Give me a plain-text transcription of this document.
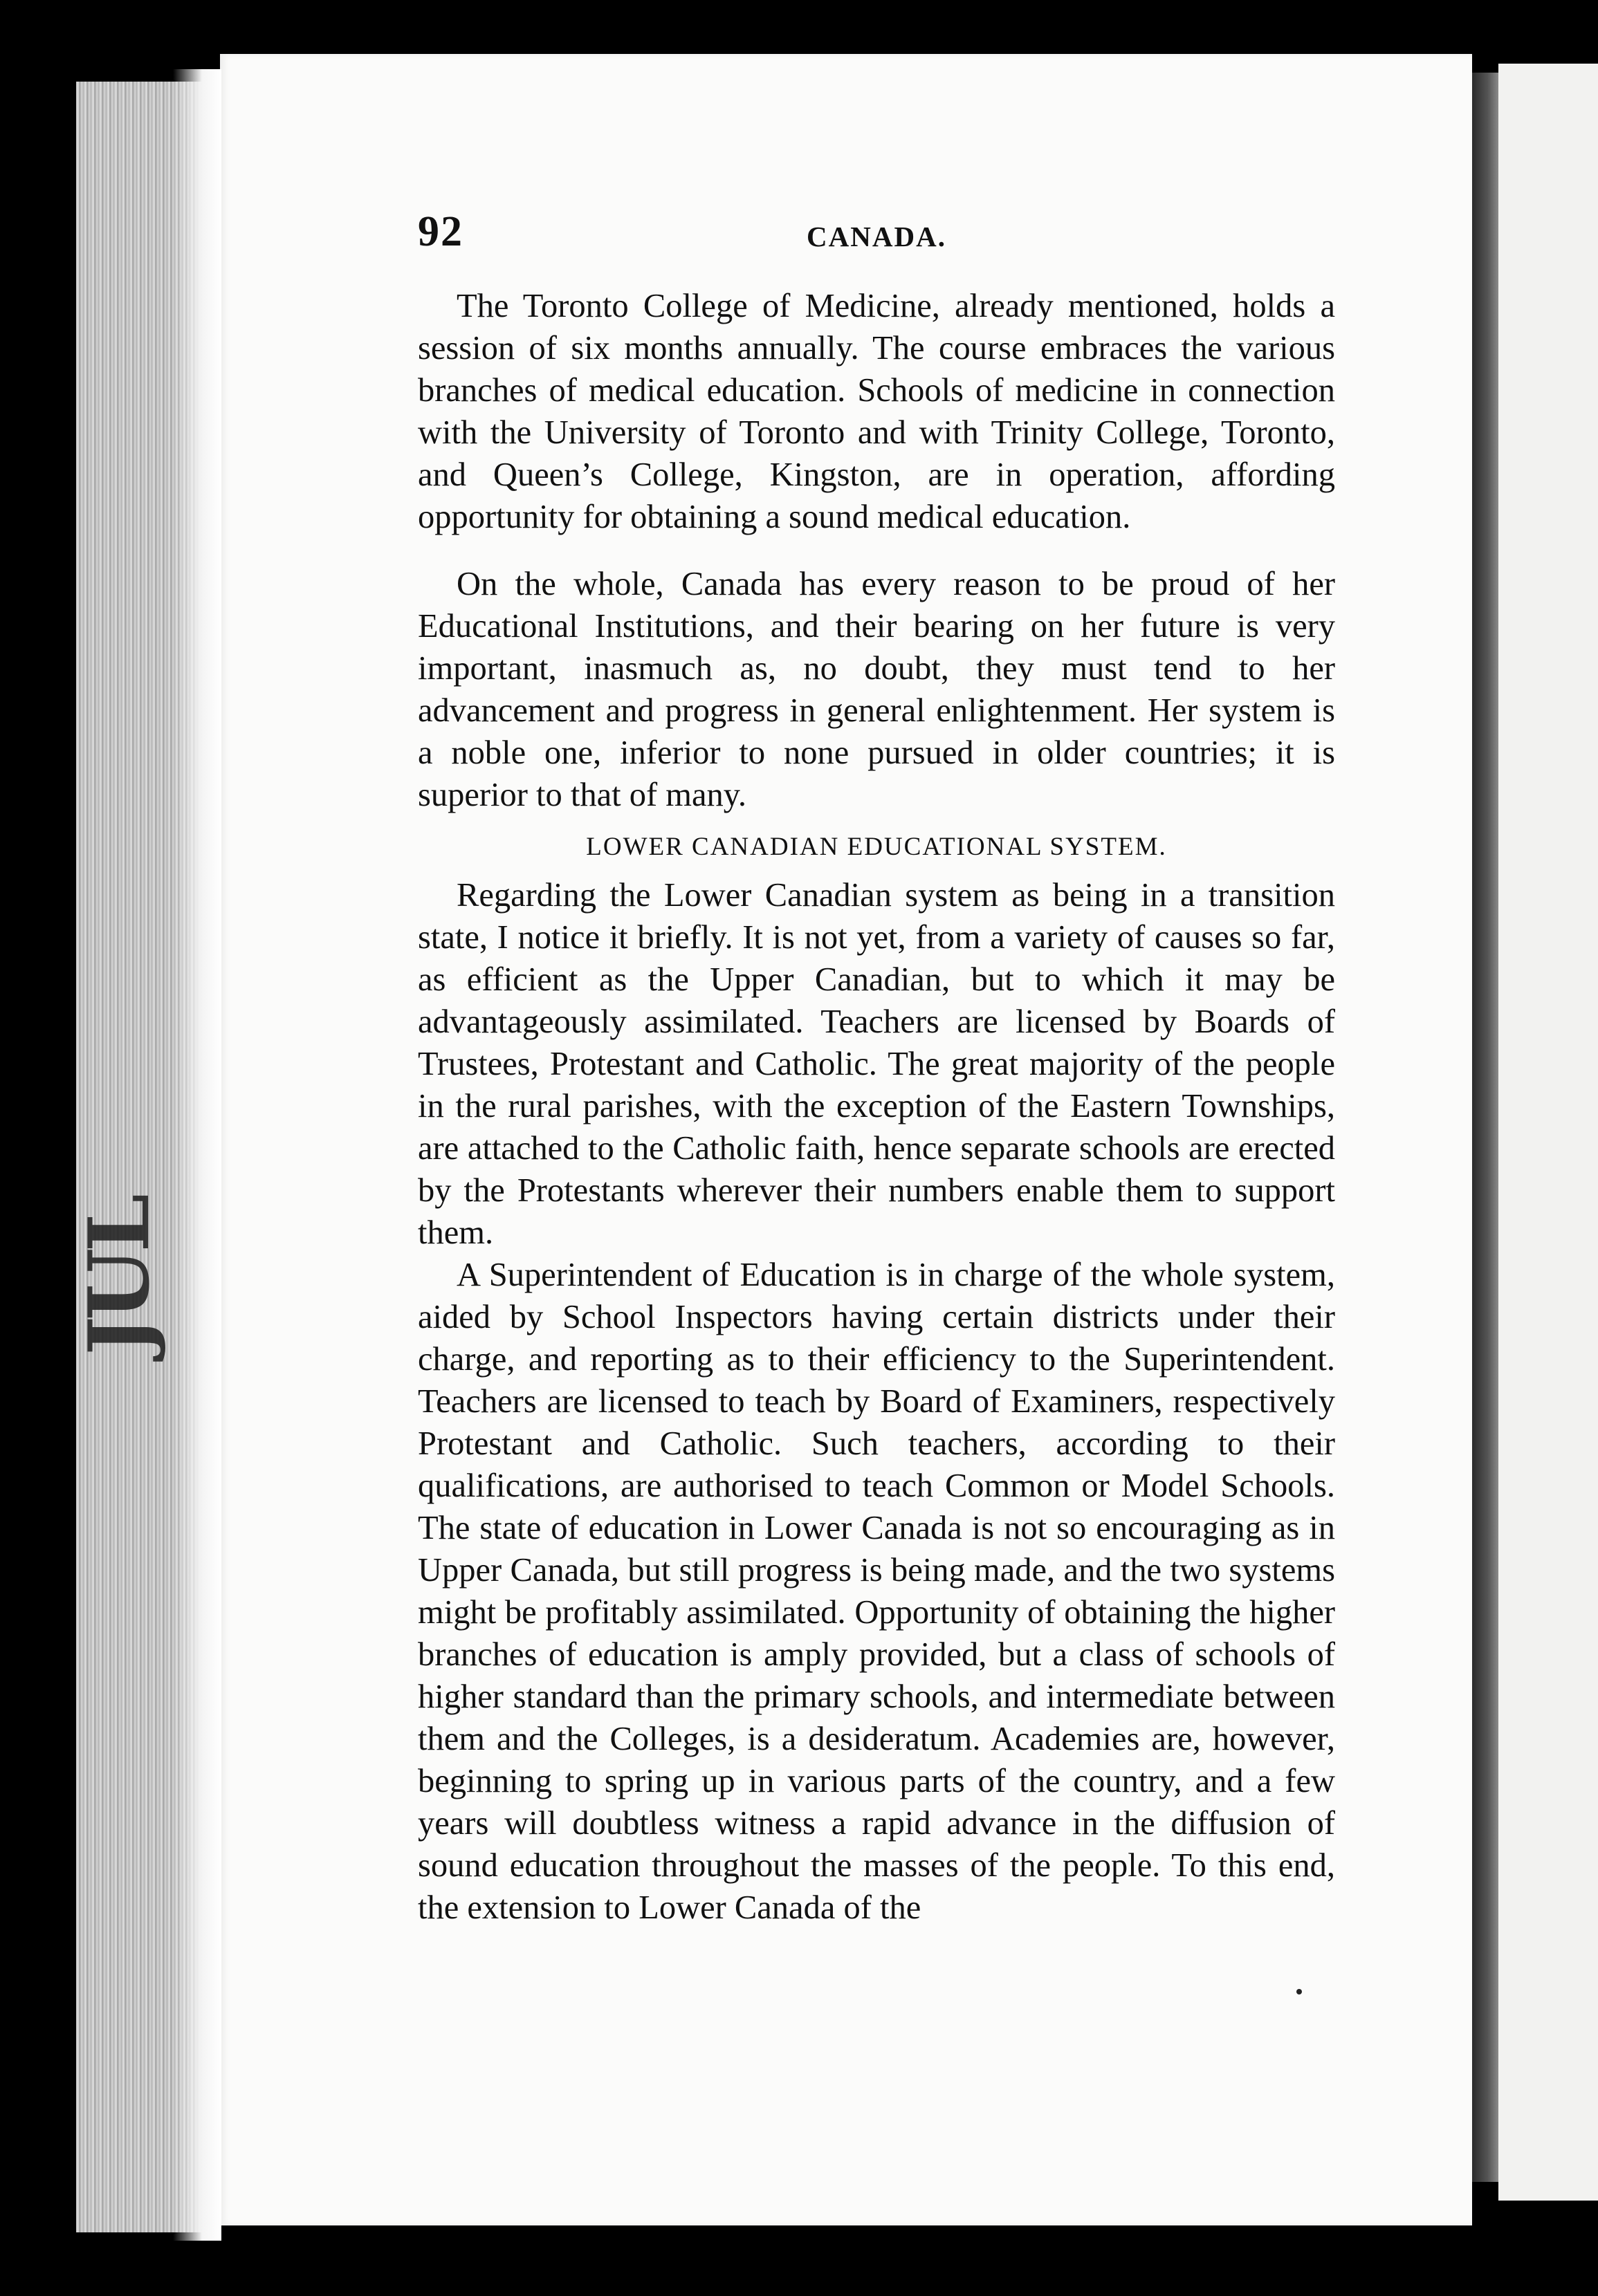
JUL
92	CANADA.

The Toronto College of Medicine, already mentioned, holds a session of six months annually. The course embraces the various branches of medical education. Schools of medicine in connection with the University of Toronto and with Trinity College, Toronto, and Queen’s College, Kingston, are in operation, affording opportunity for obtaining a sound medical education.

On the whole, Canada has every reason to be proud of her Educational Institutions, and their bearing on her future is very important, inasmuch as, no doubt, they must tend to her advancement and progress in general enlightenment. Her system is a noble one, inferior to none pursued in older countries; it is superior to that of many.

LOWER CANADIAN EDUCATIONAL SYSTEM.

Regarding the Lower Canadian system as being in a transition state, I notice it briefly. It is not yet, from a variety of causes so far, as efficient as the Upper Canadian, but to which it may be advantageously assimilated. Teachers are licensed by Boards of Trustees, Protestant and Catholic. The great majority of the people in the rural parishes, with the exception of the Eastern Townships, are attached to the Catholic faith, hence separate schools are erected by the Protestants wherever their numbers enable them to support them.

A Superintendent of Education is in charge of the whole system, aided by School Inspectors having certain districts under their charge, and reporting as to their efficiency to the Superintendent. Teachers are licensed to teach by Board of Examiners, respectively Protestant and Catholic. Such teachers, according to their qualifications, are authorised to teach Common or Model Schools. The state of education in Lower Canada is not so encouraging as in Upper Canada, but still progress is being made, and the two systems might be profitably assimilated. Opportunity of obtaining the higher branches of education is amply provided, but a class of schools of higher standard than the primary schools, and intermediate between them and the Colleges, is a desideratum. Academies are, however, beginning to spring up in various parts of the country, and a few years will doubtless witness a rapid advance in the diffusion of sound education throughout the masses of the people. To this end, the extension to Lower Canada of the
